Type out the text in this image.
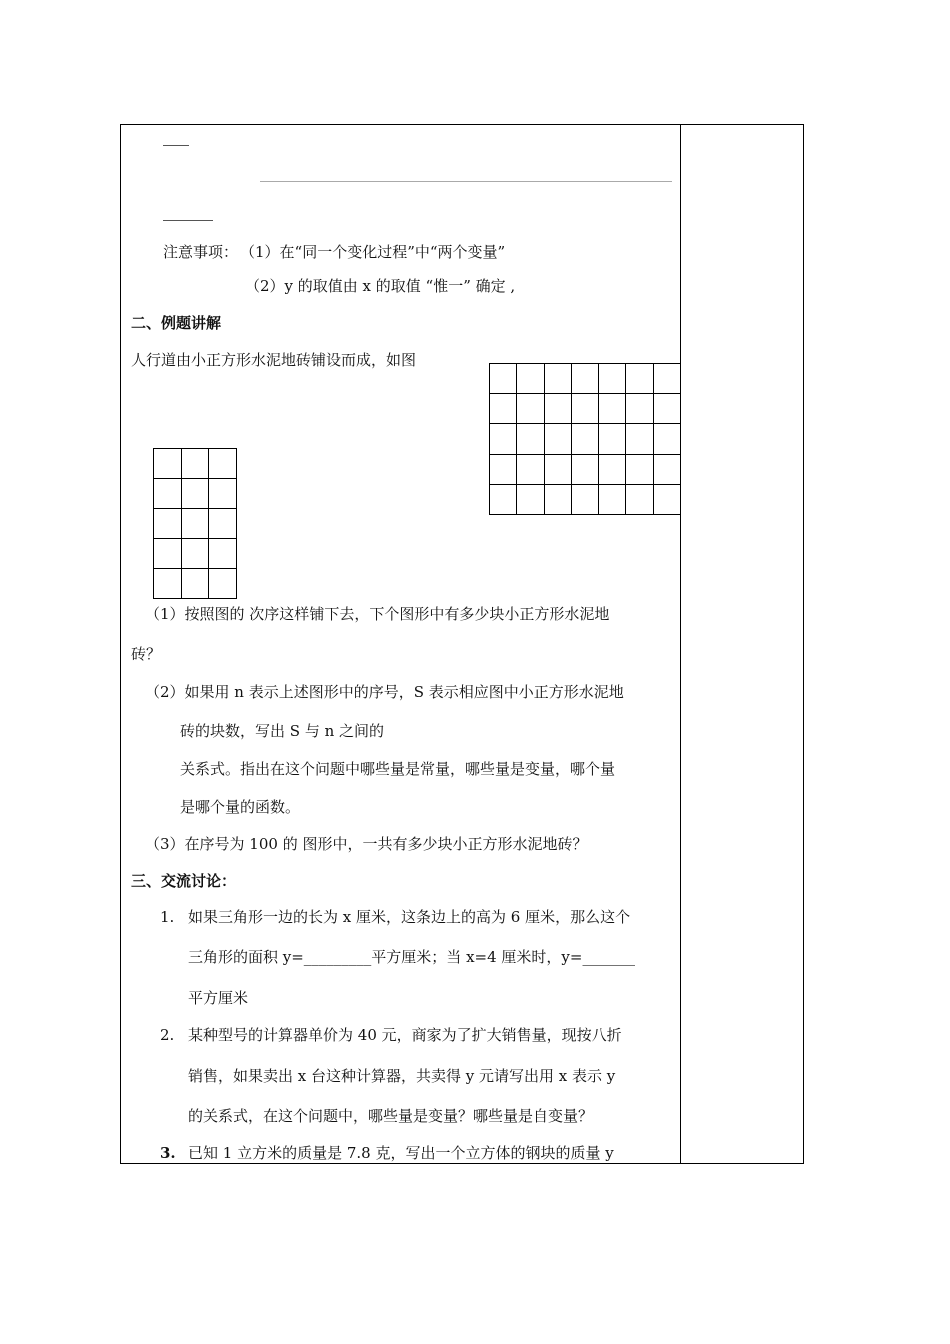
注意事项： （1）在“同一个变化过程”中“两个变量”
（2）y 的取值由 x 的取值 “惟一” 确定 ,
二、例题讲解
人行道由小正方形水泥地砖铺设而成，如图

（1）按照图的 次序这样铺下去，下个图形中有多少块小正方形水泥地
砖？
（2）如果用 n 表示上述图形中的序号，S 表示相应图中小正方形水泥地
砖的块数，写出 S 与 n 之间的
关系式。指出在这个问题中哪些量是常量，哪些量是变量，哪个量
是哪个量的函数。
（3）在序号为 100 的 图形中，一共有多少块小正方形水泥地砖？
三、交流讨论：
1. 如果三角形一边的长为 x 厘米，这条边上的高为 6 厘米，那么这个
三角形的面积 y=_________平方厘米；当 x=4 厘米时，y=_______
平方厘米
2. 某种型号的计算器单价为 40 元，商家为了扩大销售量，现按八折
销售，如果卖出 x 台这种计算器，共卖得 y 元请写出用 x 表示 y
的关系式，在这个问题中，哪些量是变量？哪些量是自变量？
3. 已知 1 立方米的质量是 7.8 克，写出一个立方体的钢块的质量 y
